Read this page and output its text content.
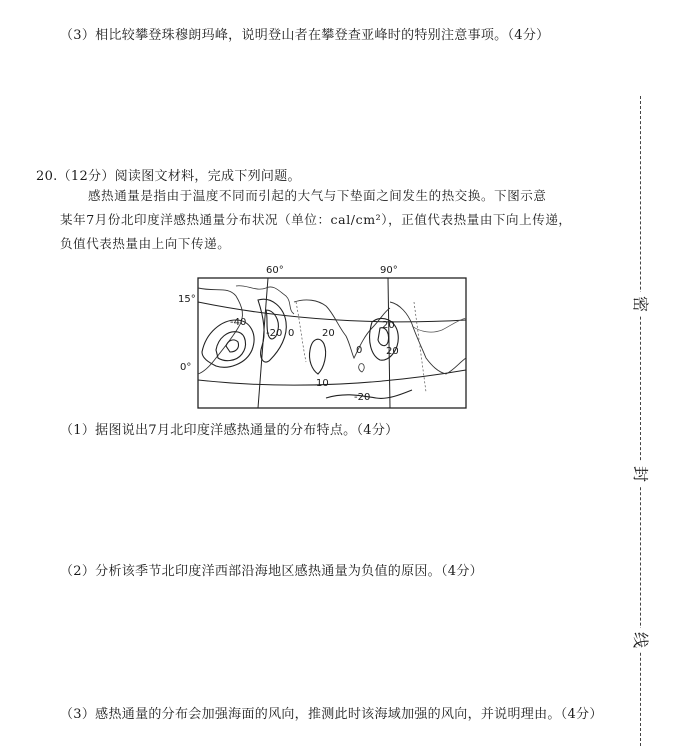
（3）相比较攀登珠穆朗玛峰，说明登山者在攀登查亚峰时的特别注意事项。（4分）
20.（12分）阅读图文材料，完成下列问题。
感热通量是指由于温度不同而引起的大气与下垫面之间发生的热交换。下图示意
某年7月份北印度洋感热通量分布状况（单位：cal/cm²），正值代表热量由下向上传递，
负值代表热量由上向下传递。
60°	90°
15°
0°
-40
-20 0
20
0 20
20
10
-20
（1）据图说出7月北印度洋感热通量的分布特点。（4分）
（2）分析该季节北印度洋西部沿海地区感热通量为负值的原因。（4分）
（3）感热通量的分布会加强海面的风向，推测此时该海域加强的风向，并说明理由。（4分）
密
封
线
